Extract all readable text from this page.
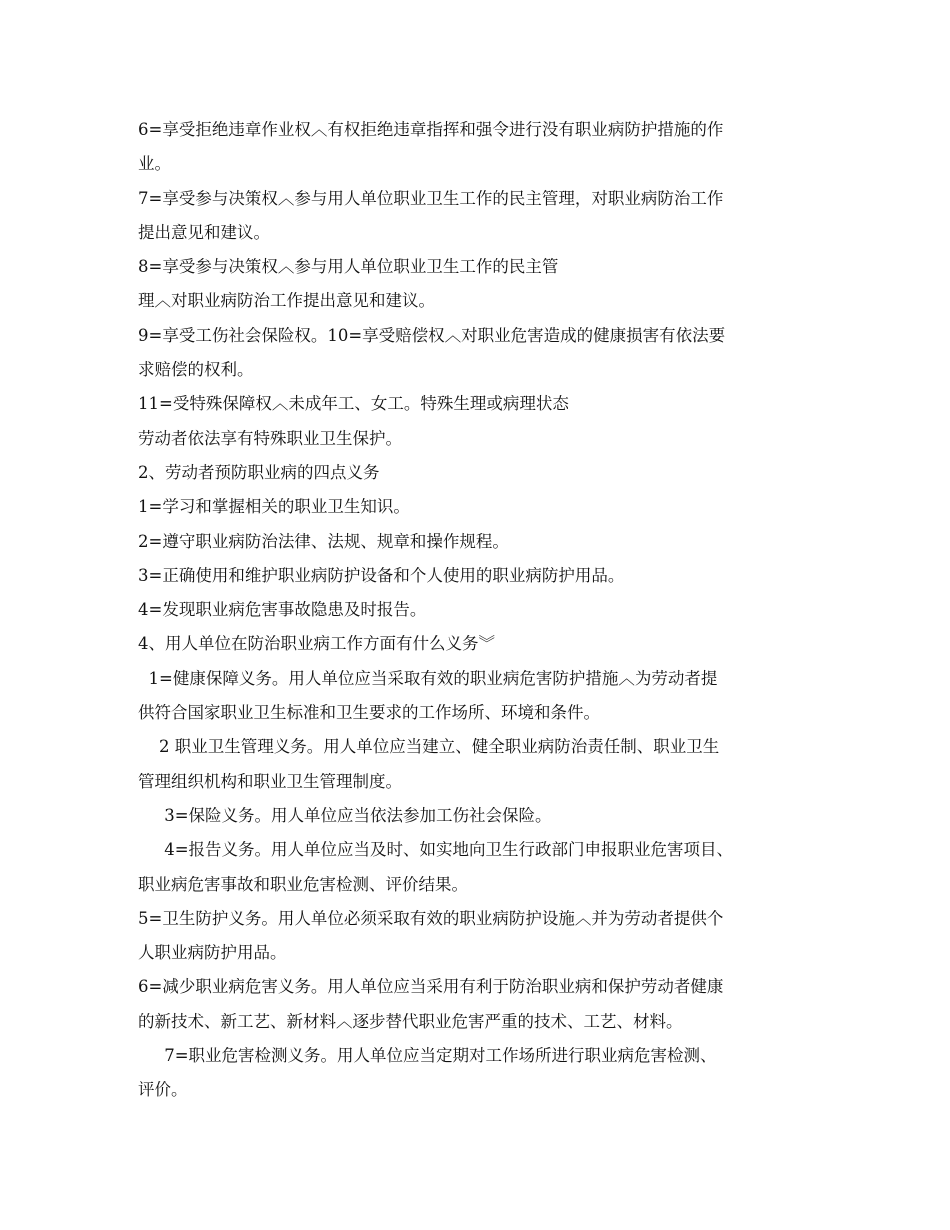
6=享受拒绝违章作业权︿有权拒绝违章指挥和强令进行没有职业病防护措施的作
业。
7=享受参与决策权︿参与用人单位职业卫生工作的民主管理，对职业病防治工作
提出意见和建议。
8=享受参与决策权︿参与用人单位职业卫生工作的民主管
理︿对职业病防治工作提出意见和建议。
9=享受工伤社会保险权。10=享受赔偿权︿对职业危害造成的健康损害有依法要
求赔偿的权利。
11=受特殊保障权︿未成年工、女工。特殊生理或病理状态
劳动者依法享有特殊职业卫生保护。
2、劳动者预防职业病的四点义务
1=学习和掌握相关的职业卫生知识。
2=遵守职业病防治法律、法规、规章和操作规程。
3=正确使用和维护职业病防护设备和个人使用的职业病防护用品。
4=发现职业病危害事故隐患及时报告。
4、用人单位在防治职业病工作方面有什么义务︾
1=健康保障义务。用人单位应当采取有效的职业病危害防护措施︿为劳动者提
供符合国家职业卫生标准和卫生要求的工作场所、环境和条件。
2 职业卫生管理义务。用人单位应当建立、健全职业病防治责任制、职业卫生
管理组织机构和职业卫生管理制度。
3=保险义务。用人单位应当依法参加工伤社会保险。
4=报告义务。用人单位应当及时、如实地向卫生行政部门申报职业危害项目、
职业病危害事故和职业危害检测、评价结果。
5=卫生防护义务。用人单位必须采取有效的职业病防护设施︿并为劳动者提供个
人职业病防护用品。
6=减少职业病危害义务。用人单位应当采用有利于防治职业病和保护劳动者健康
的新技术、新工艺、新材料︿逐步替代职业危害严重的技术、工艺、材料。
7=职业危害检测义务。用人单位应当定期对工作场所进行职业病危害检测、
评价。
